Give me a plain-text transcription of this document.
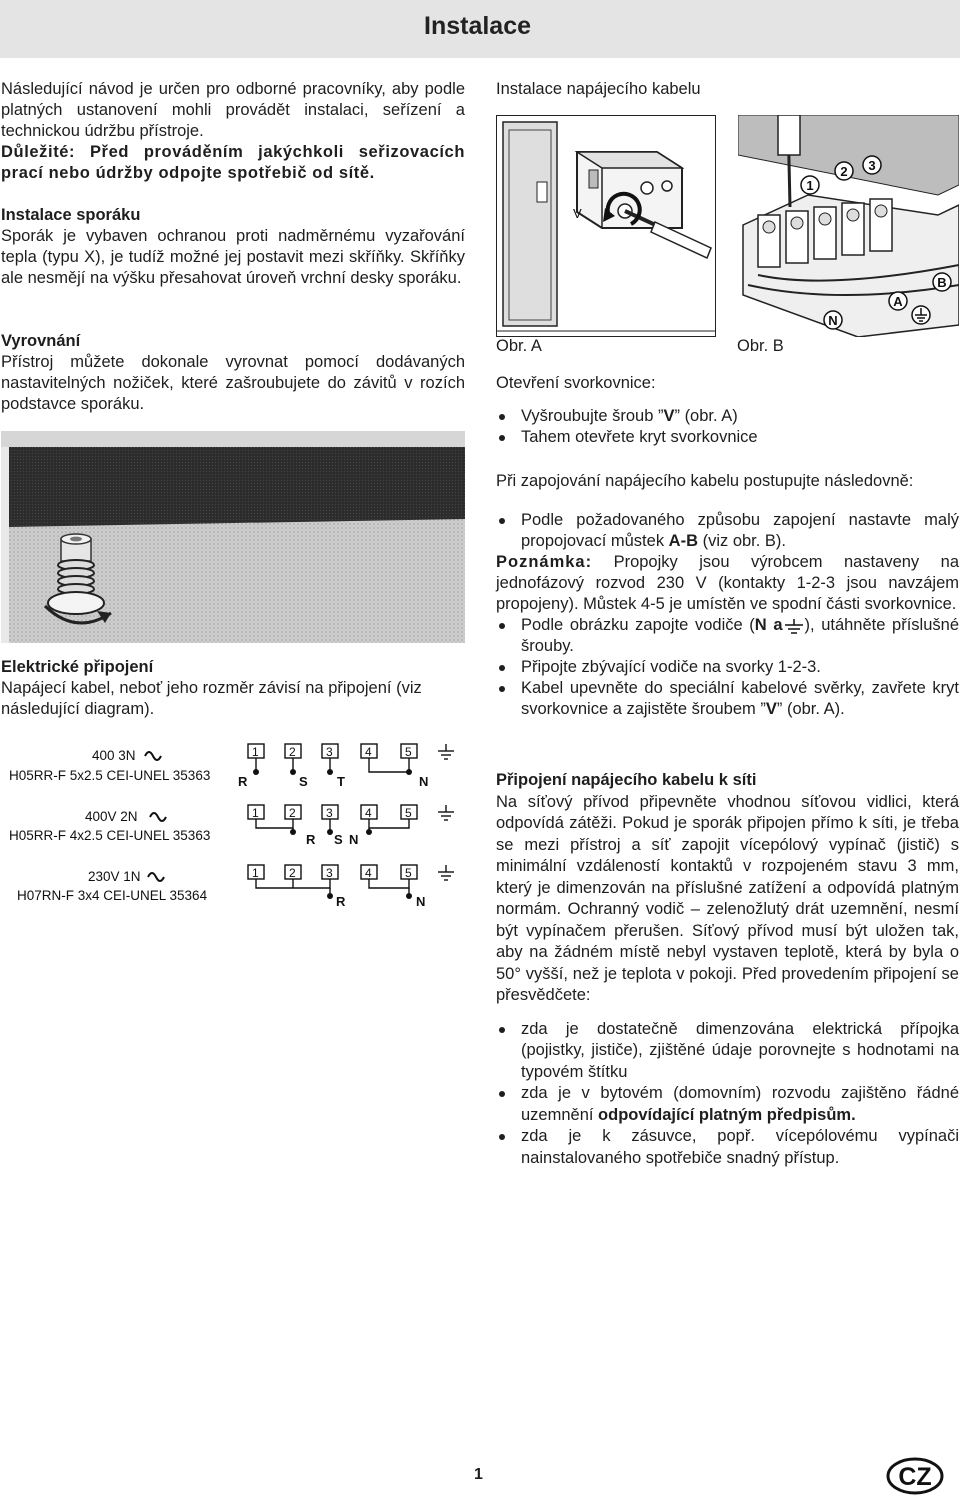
Instalace

Následující návod je určen pro odborné pracovníky, aby podle platných ustanovení mohli provádět instalaci, seřízení a technickou údržbu přístroje.

Důležité: Před prováděním jakýchkoli seřizovacích prací nebo údržby odpojte spotřebič od sítě.

Instalace sporáku

Sporák je vybaven ochranou proti nadměrnému vyzařování tepla (typu X), je tudíž možné jej postavit mezi skříňky. Skříňky ale nesmějí na výšku přesahovat úroveň vrchní desky sporáku.

Vyrovnání

Přístroj můžete dokonale vyrovnat pomocí dodávaných nastavitelných nožiček, které zašroubujete do závitů v rozích podstavce sporáku.

Elektrické připojení

Napájecí kabel, neboť jeho rozměr závisí na připojení (viz následující diagram).

400 3N
H05RR-F 5x2.5 CEI-UNEL 35363
1	2	3	4	5
R	S T	N
400V 2N
H05RR-F 4x2.5 CEI-UNEL 35363
1	2	3	4	5
R S N
230V 1N
H07RN-F 3x4 CEI-UNEL 35364
1	2	3	4	5
R	N

Instalace napájecího kabelu

V
1
2 3
A
B
N
Obr. A	Obr. B

Otevření svorkovnice:

Vyšroubujte šroub ”V” (obr. A)
Tahem otevřete kryt svorkovnice

Při zapojování napájecího kabelu postupujte následovně:

Podle požadovaného způsobu zapojení nastavte malý propojovací můstek A-B (viz obr. B).

Poznámka: Propojky jsou výrobcem nastaveny na jednofázový rozvod 230 V (kontakty 1-2-3 jsou navzájem propojeny). Můstek 4-5 je umístěn ve spodní části svorkovnice.

Podle obrázku zapojte vodiče (N a ), utáhněte příslušné šrouby.
Připojte zbývající vodiče na svorky 1-2-3.
Kabel upevněte do speciální kabelové svěrky, zavřete kryt svorkovnice a zajistěte šroubem ”V” (obr. A).

Připojení napájecího kabelu k síti

Na síťový přívod připevněte vhodnou síťovou vidlici, která odpovídá zátěži. Pokud je sporák připojen přímo k síti, je třeba se mezi přístroj a síť zapojit vícepólový vypínač (jistič) s minimální vzdáleností kontaktů v rozpojeném stavu 3 mm, který je dimenzován na příslušné zatížení a odpovídá platným normám. Ochranný vodič – zelenožlutý drát uzemnění, nesmí být vypínačem přerušen. Síťový přívod musí být uložen tak, aby na žádném místě nebyl vystaven teplotě, která by byla o 50° vyšší, než je teplota v pokoji. Před provedením připojení se přesvědčete:

zda je dostatečně dimenzována elektrická přípojka (pojistky, jističe), zjištěné údaje porovnejte s hodnotami na typovém štítku
zda je v bytovém (domovním) rozvodu zajištěno řádné uzemnění odpovídající platným předpisům.
zda je k zásuvce, popř. vícepólovému vypínači nainstalovaného spotřebiče snadný přístup.
1	CZ
